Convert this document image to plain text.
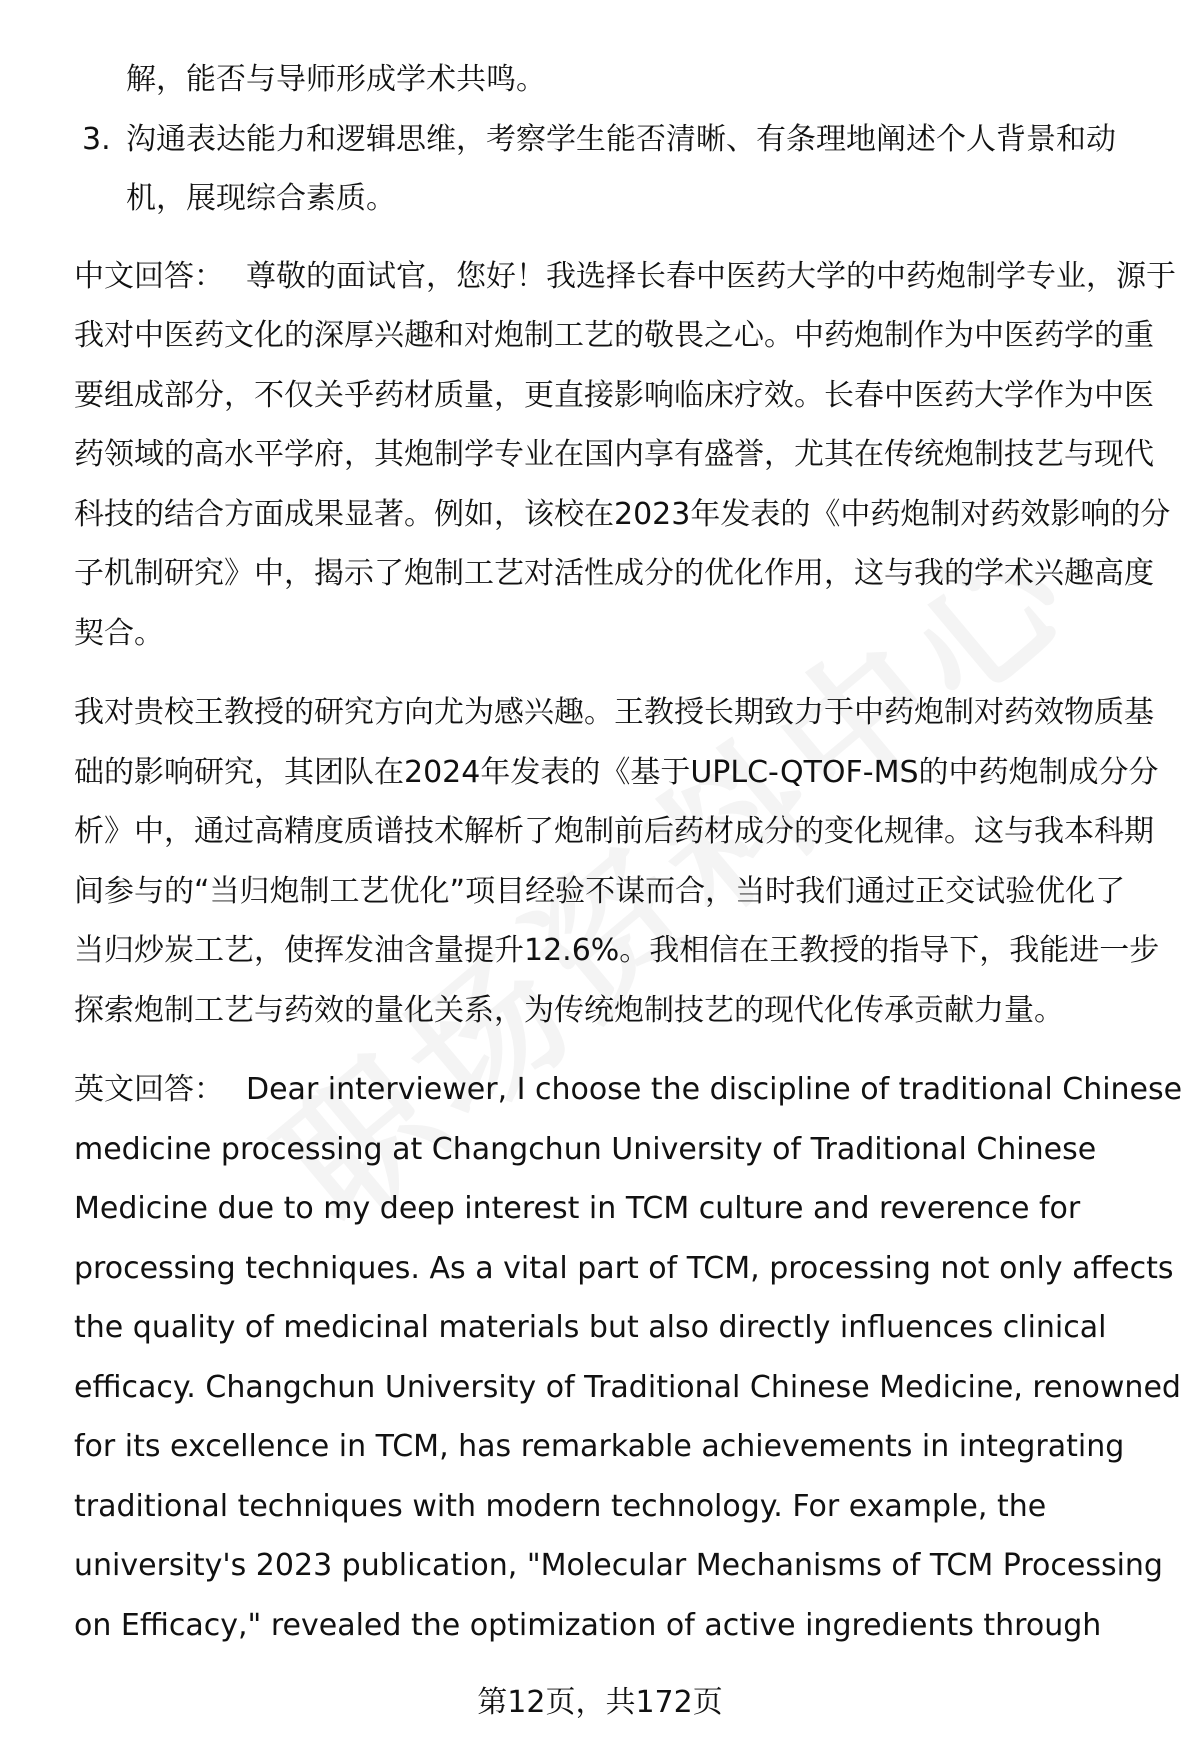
解，能否与导师形成学术共鸣。
3. 沟通表达能力和逻辑思维，考察学生能否清晰、有条理地阐述个人背景和动
机，展现综合素质。
中文回答： 尊敬的面试官，您好！我选择长春中医药大学的中药炮制学专业，源于
我对中医药文化的深厚兴趣和对炮制工艺的敬畏之心。中药炮制作为中医药学的重
要组成部分，不仅关乎药材质量，更直接影响临床疗效。长春中医药大学作为中医
药领域的高水平学府，其炮制学专业在国内享有盛誉，尤其在传统炮制技艺与现代
科技的结合方面成果显著。例如，该校在2023年发表的《中药炮制对药效影响的分
子机制研究》中，揭示了炮制工艺对活性成分的优化作用，这与我的学术兴趣高度
契合。
我对贵校王教授的研究方向尤为感兴趣。王教授长期致力于中药炮制对药效物质基
础的影响研究，其团队在2024年发表的《基于UPLC-QTOF-MS的中药炮制成分分
析》中，通过高精度质谱技术解析了炮制前后药材成分的变化规律。这与我本科期
间参与的“当归炮制工艺优化”项目经验不谋而合，当时我们通过正交试验优化了
当归炒炭工艺，使挥发油含量提升12.6%。我相信在王教授的指导下，我能进一步
探索炮制工艺与药效的量化关系，为传统炮制技艺的现代化传承贡献力量。
英文回答： Dear interviewer, I choose the discipline of traditional Chinese
medicine processing at Changchun University of Traditional Chinese
Medicine due to my deep interest in TCM culture and reverence for
processing techniques. As a vital part of TCM, processing not only affects
the quality of medicinal materials but also directly influences clinical
efficacy. Changchun University of Traditional Chinese Medicine, renowned
for its excellence in TCM, has remarkable achievements in integrating
traditional techniques with modern technology. For example, the
university's 2023 publication, "Molecular Mechanisms of TCM Processing
on Efficacy," revealed the optimization of active ingredients through
第12页，共172页
